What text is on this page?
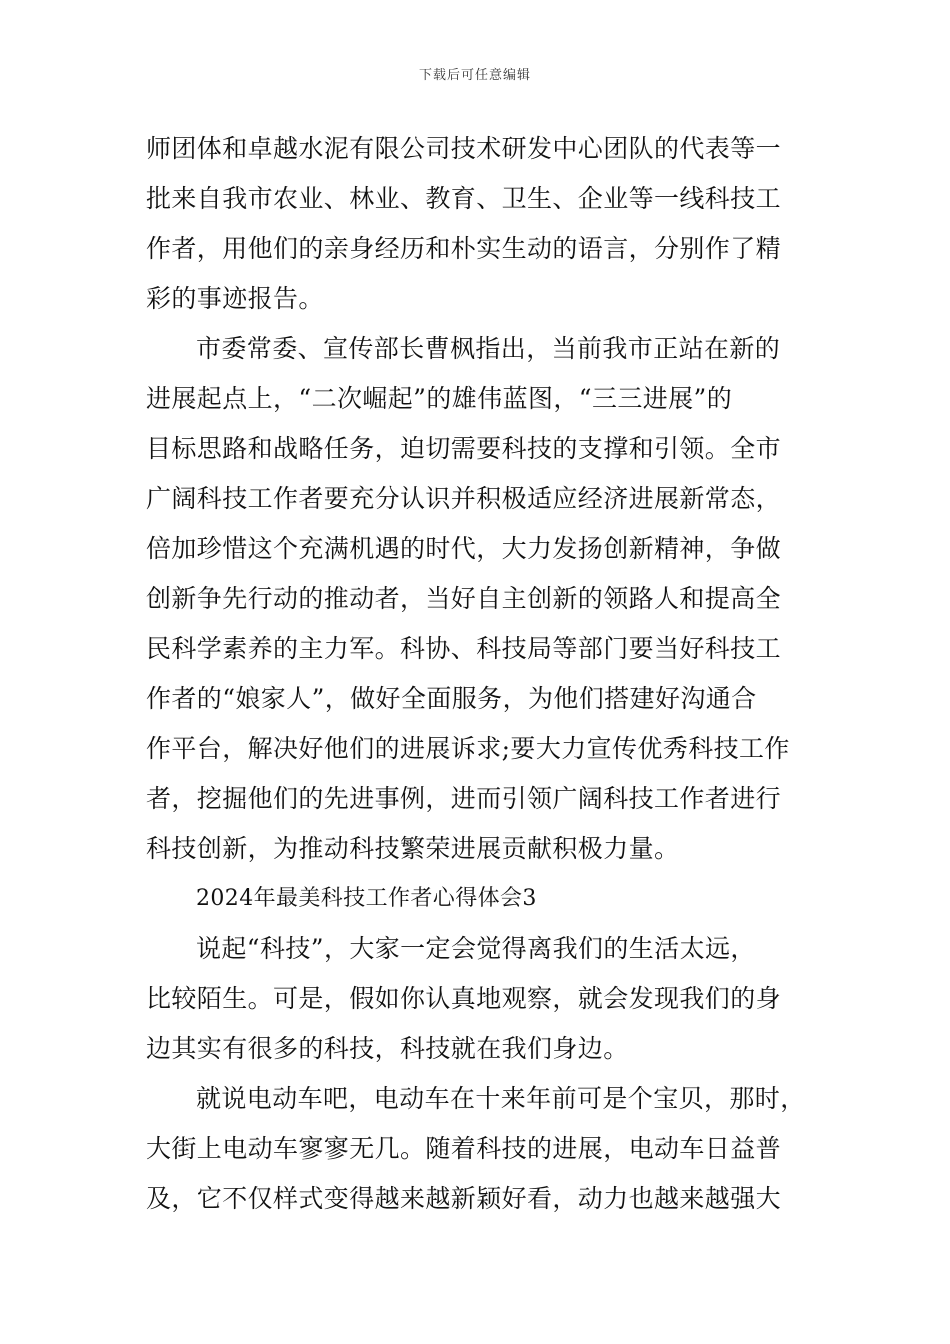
下载后可任意编辑
师团体和卓越水泥有限公司技术研发中心团队的代表等一
批来自我市农业、林业、教育、卫生、企业等一线科技工
作者，用他们的亲身经历和朴实生动的语言，分别作了精
彩的事迹报告。
市委常委、宣传部长曹枫指出，当前我市正站在新的
进展起点上，“二次崛起”的雄伟蓝图，“三三进展”的
目标思路和战略任务，迫切需要科技的支撑和引领。全市
广阔科技工作者要充分认识并积极适应经济进展新常态，
倍加珍惜这个充满机遇的时代，大力发扬创新精神，争做
创新争先行动的推动者，当好自主创新的领路人和提高全
民科学素养的主力军。科协、科技局等部门要当好科技工
作者的“娘家人”，做好全面服务，为他们搭建好沟通合
作平台，解决好他们的进展诉求;要大力宣传优秀科技工作
者，挖掘他们的先进事例，进而引领广阔科技工作者进行
科技创新，为推动科技繁荣进展贡献积极力量。
2024年最美科技工作者心得体会3
说起“科技”，大家一定会觉得离我们的生活太远，
比较陌生。可是，假如你认真地观察，就会发现我们的身
边其实有很多的科技，科技就在我们身边。
就说电动车吧，电动车在十来年前可是个宝贝，那时，
大街上电动车寥寥无几。随着科技的进展，电动车日益普
及，它不仅样式变得越来越新颖好看，动力也越来越强大
